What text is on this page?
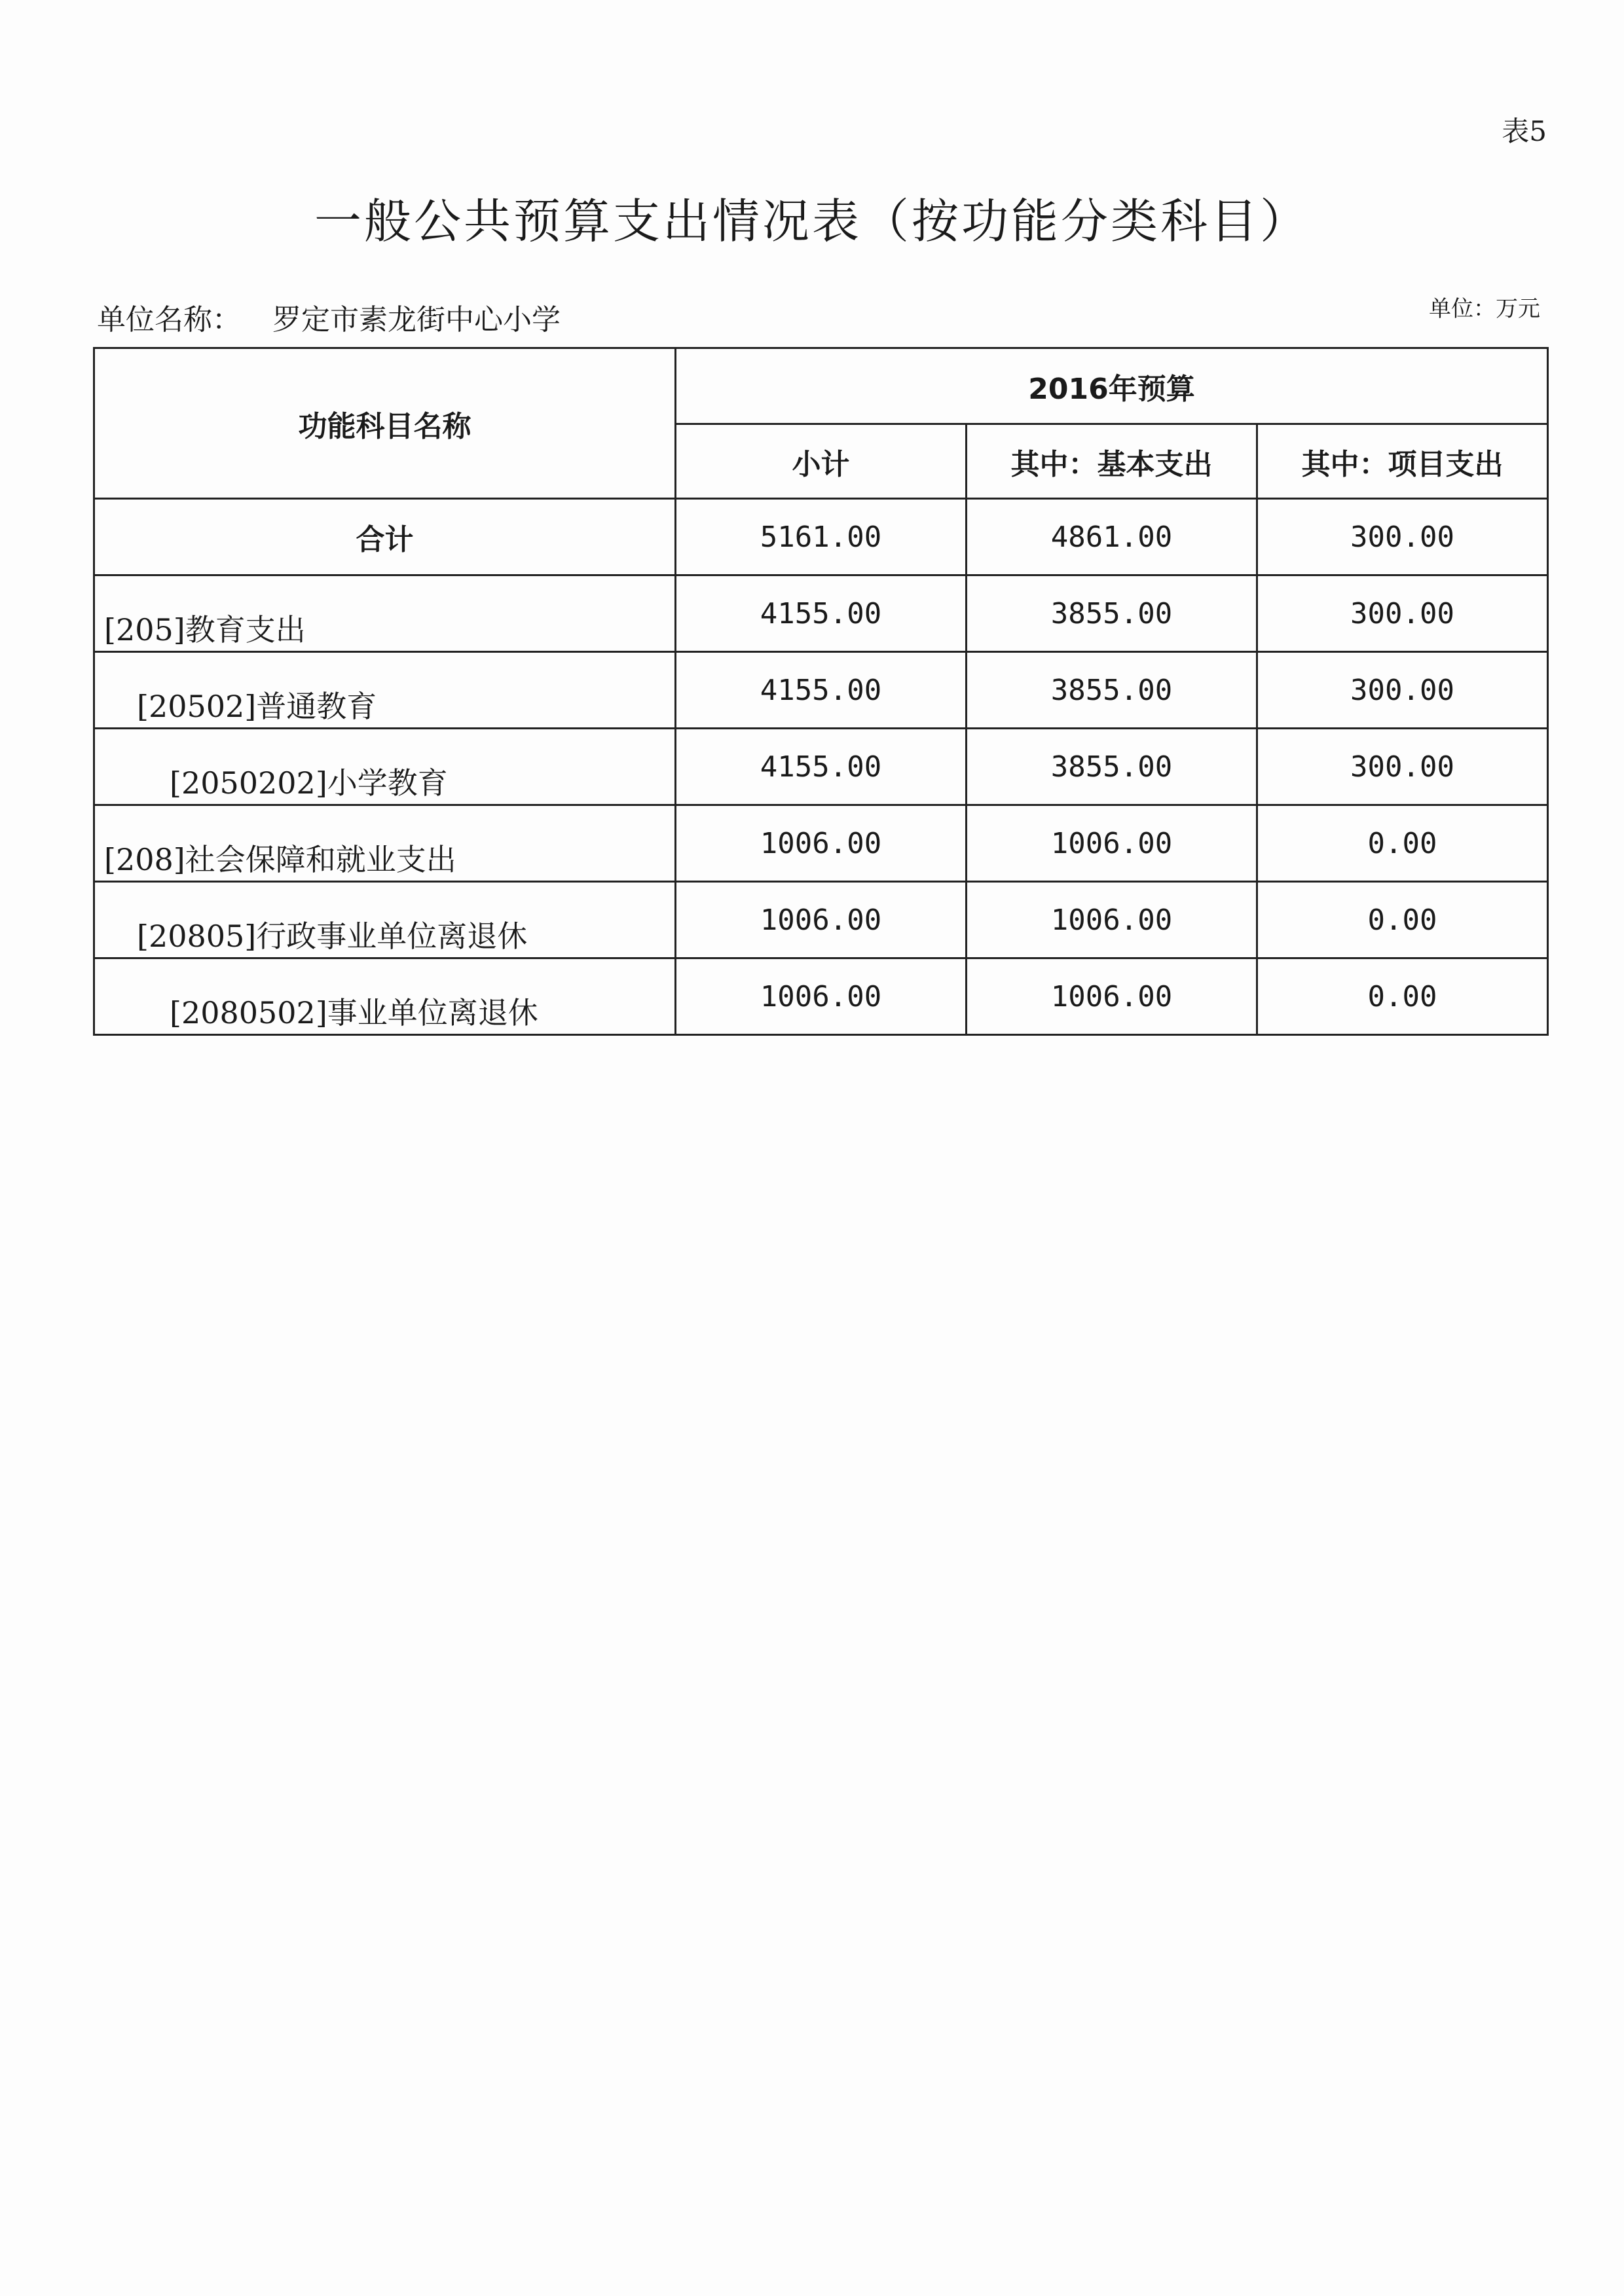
表5
一般公共预算支出情况表（按功能分类科目）
单位名称： 罗定市素龙街中心小学	单位：万元
功能科目名称	2016年预算		
	小计	其中：基本支出	其中：项目支出
合计	5161.00	4861.00	300.00
[205]教育支出	4155.00	3855.00	300.00
[20502]普通教育	4155.00	3855.00	300.00
[2050202]小学教育	4155.00	3855.00	300.00
[208]社会保障和就业支出	1006.00	1006.00	0.00
[20805]行政事业单位离退休	1006.00	1006.00	0.00
[2080502]事业单位离退休	1006.00	1006.00	0.00
